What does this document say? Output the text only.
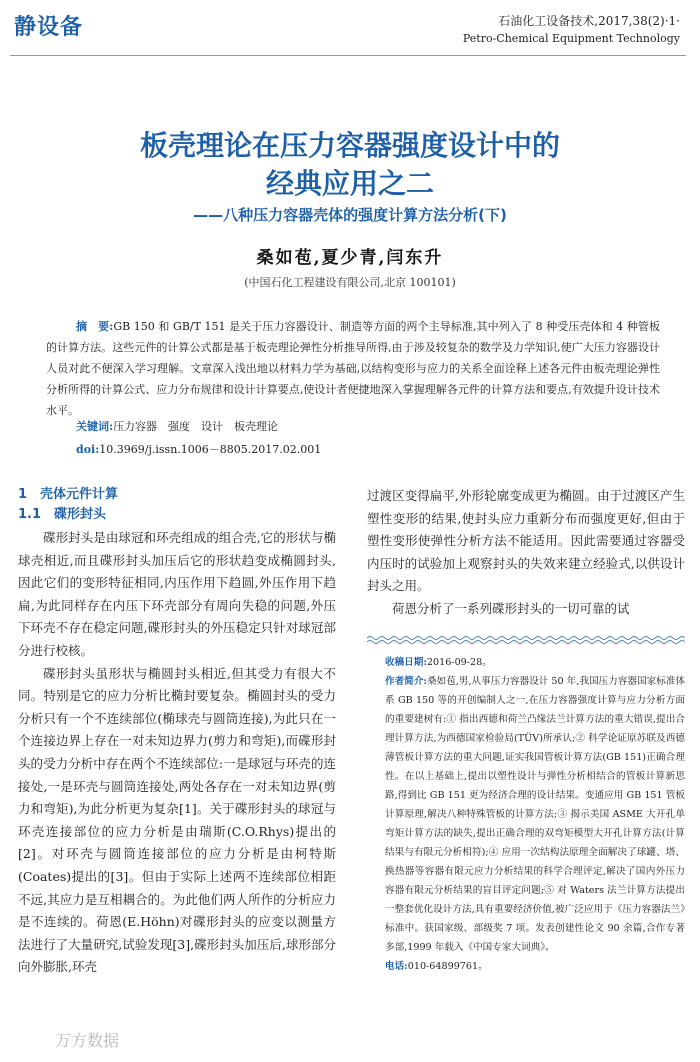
静设备	石油化工设备技术,2017,38(2)·1·
Petro-Chemical Equipment Technology
板壳理论在压力容器强度设计中的
经典应用之二
——八种压力容器壳体的强度计算方法分析(下)
桑如苞,夏少青,闫东升
(中国石化工程建设有限公司,北京 100101)
摘　要:GB 150 和 GB/T 151 是关于压力容器设计、制造等方面的两个主导标准,其中列入了 8 种受压壳体和 4 种管板的计算方法。这些元件的计算公式都是基于板壳理论弹性分析推导所得,由于涉及较复杂的数学及力学知识,使广大压力容器设计人员对此不便深入学习理解。文章深入浅出地以材料力学为基础,以结构变形与应力的关系全面诠释上述各元件由板壳理论弹性分析所得的计算公式、应力分布规律和设计计算要点,使设计者便捷地深入掌握理解各元件的计算方法和要点,有效提升设计技术水平。
关键词:压力容器　强度　设计　板壳理论
doi:10.3969/j.issn.1006－8805.2017.02.001
1　壳体元件计算
1.1　碟形封头

碟形封头是由球冠和环壳组成的组合壳,它的形状与椭球壳相近,而且碟形封头加压后它的形状趋变成椭圆封头,因此它们的变形特征相同,内压作用下趋圆,外压作用下趋扁,为此同样存在内压下环壳部分有周向失稳的问题,外压下环壳不存在稳定问题,碟形封头的外压稳定只针对球冠部分进行校核。

碟形封头虽形状与椭圆封头相近,但其受力有很大不同。特别是它的应力分析比椭封要复杂。椭圆封头的受力分析只有一个不连续部位(椭球壳与圆筒连接),为此只在一个连接边界上存在一对未知边界力(剪力和弯矩),而碟形封头的受力分析中存在两个不连续部位:一是球冠与环壳的连接处,一是环壳与圆筒连接处,两处各存在一对未知边界(剪力和弯矩),为此分析更为复杂[1]。关于碟形封头的球冠与环壳连接部位的应力分析是由瑞斯(C.O.Rhys)提出的[2]。对环壳与圆筒连接部位的应力分析是由柯特斯(Coates)提出的[3]。但由于实际上述两不连续部位相距不远,其应力是互相耦合的。为此他们两人所作的分析应力是不连续的。荷恩(E.Höhn)对碟形封头的应变以测量方法进行了大量研究,试验发现[3],碟形封头加压后,球形部分向外膨胀,环壳

过渡区变得扁平,外形轮廓变成更为椭圆。由于过渡区产生塑性变形的结果,使封头应力重新分布而强度更好,但由于塑性变形使弹性分析方法不能适用。因此需要通过容器受内压时的试验加上观察封头的失效来建立经验式,以供设计封头之用。

荷恩分析了一系列碟形封头的一切可靠的试

收稿日期:2016-09-28。

作者简介:桑如苞,男,从事压力容器设计 50 年,我国压力容器国家标准体系 GB 150 等的开创编制人之一,在压力容器强度计算与应力分析方面的重要建树有:① 指出西德和荷兰凸缘法兰计算方法的重大错误,提出合理计算方法,为西德国家检验局(TÜV)所承认;② 科学论证原苏联及西德薄管板计算方法的重大问题,证实我国管板计算方法(GB 151)正确合理性。在以上基础上,提出以塑性设计与弹性分析相结合的管板计算新思路,得到比 GB 151 更为经济合理的设计结果。变通应用 GB 151 管板计算原理,解决八种特殊管板的计算方法;③ 揭示美国 ASME 大开孔单弯矩计算方法的缺失,提出正确合理的双弯矩模型大开孔计算方法(计算结果与有限元分析相符);④ 应用一次结构法原理全面解决了球罐、塔、换热器等容器有限元应力分析结果的科学合理评定,解决了国内外压力容器有限元分析结果的盲目评定问题;⑤ 对 Waters 法兰计算方法提出一整套优化设计方法,具有重要经济价值,被广泛应用于《压力容器法兰》标准中。获国家级、部级奖 7 项。发表创建性论文 90 余篇,合作专著多部,1999 年载入《中国专家大词典》。

电话:010-64899761。

万方数据
